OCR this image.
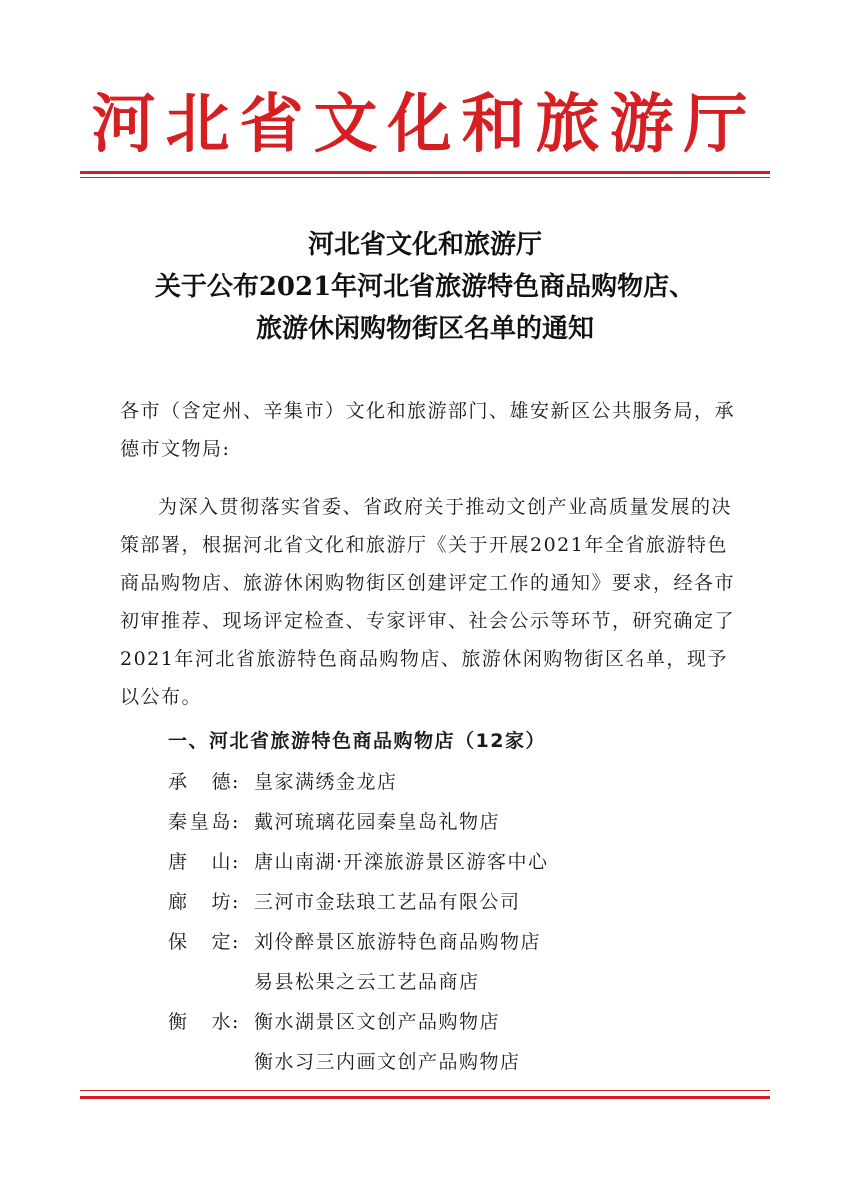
河北省文化和旅游厅
河北省文化和旅游厅
关于公布2021年河北省旅游特色商品购物店、
旅游休闲购物街区名单的通知
各市（含定州、辛集市）文化和旅游部门、雄安新区公共服务局，承德市文物局:
为深入贯彻落实省委、省政府关于推动文创产业高质量发展的决策部署，根据河北省文化和旅游厅《关于开展2021年全省旅游特色商品购物店、旅游休闲购物街区创建评定工作的通知》要求，经各市初审推荐、现场评定检查、专家评审、社会公示等环节，研究确定了2021年河北省旅游特色商品购物店、旅游休闲购物街区名单，现予以公布。
一、河北省旅游特色商品购物店（12家）
承德 : 皇家满绣金龙店
秦皇岛 : 戴河琉璃花园秦皇岛礼物店
唐山 : 唐山南湖·开滦旅游景区游客中心
廊坊 : 三河市金珐琅工艺品有限公司
保定 : 刘伶醉景区旅游特色商品购物店
易县松果之云工艺品商店
衡水 : 衡水湖景区文创产品购物店
衡水习三内画文创产品购物店
